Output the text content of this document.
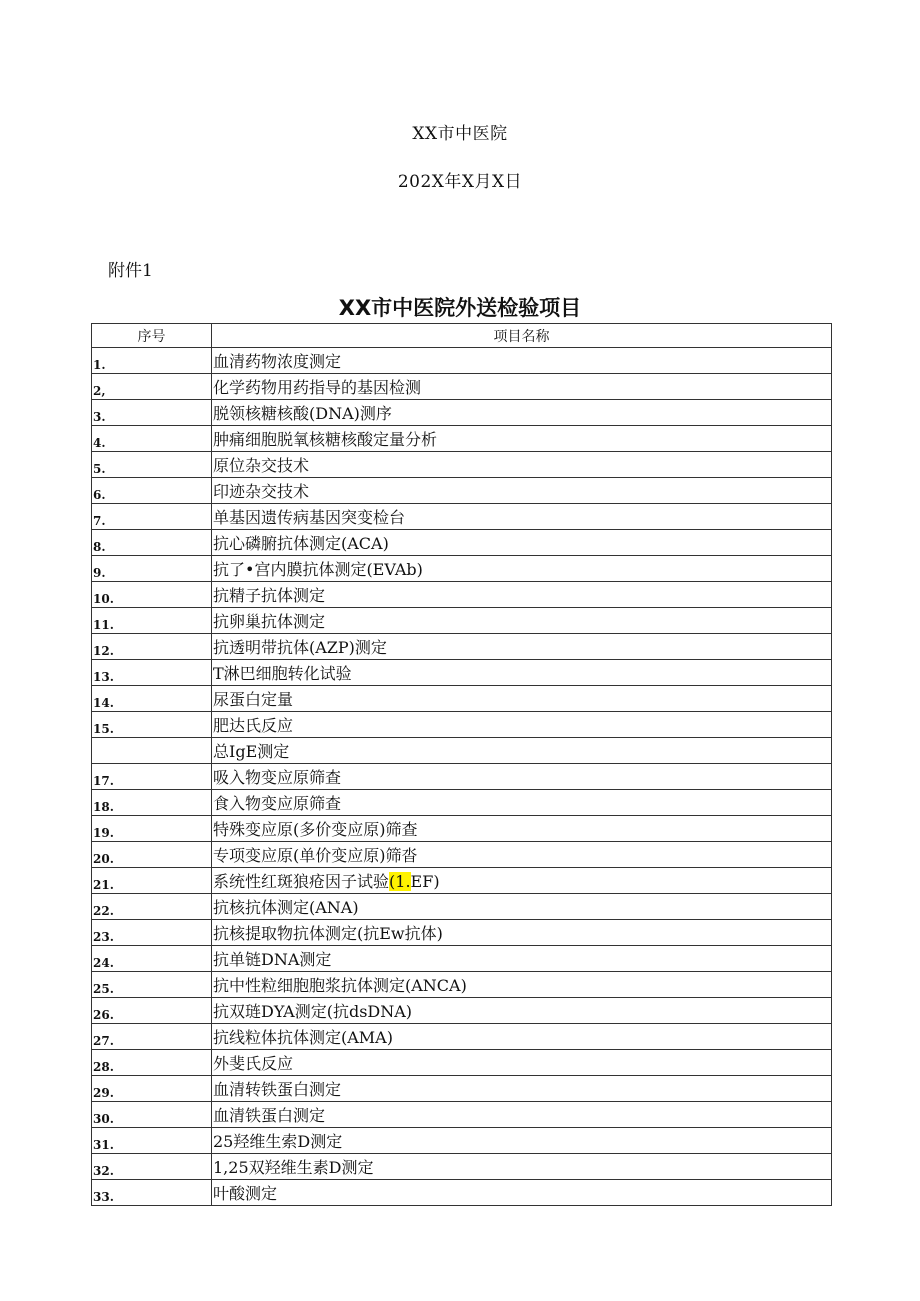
XX市中医院
202X年X月X日
附件1
XX市中医院外送检验项目
序号	项目名称
1.	血清药物浓度测定
2,	化学药物用药指导的基因检测
3.	脱领核糖核酸(DNA)测序
4.	肿痛细胞脱氧核糖核酸定量分析
5.	原位杂交技术
6.	印迹杂交技术
7.	单基因遗传病基因突变检台
8.	抗心磷腑抗体测定(ACA)
9.	抗了•宫内膜抗体测定(EVAb)
10.	抗精子抗体测定
11.	抗卵巢抗体测定
12.	抗透明带抗体(AZP)测定
13.	T淋巴细胞转化试验
14.	尿蛋白定量
15.	肥达氏反应
	总IgE测定
17.	吸入物变应原筛查
18.	食入物变应原筛查
19.	特殊变应原(多价变应原)筛查
20.	专项变应原(单价变应原)筛沓
21.	系统性红斑狼疮因子试验(1.EF)
22.	抗核抗体测定(ANA)
23.	抗核提取物抗体测定(抗Ew抗体)
24.	抗单链DNA测定
25.	抗中性粒细胞胞浆抗体测定(ANCA)
26.	抗双琏DYA测定(抗dsDNA)
27.	抗线粒体抗体测定(AMA)
28.	外斐氏反应
29.	血清转铁蛋白测定
30.	血清铁蛋白测定
31.	25羟维生索D测定
32.	1,25双羟维生素D测定
33.	叶酸测定
